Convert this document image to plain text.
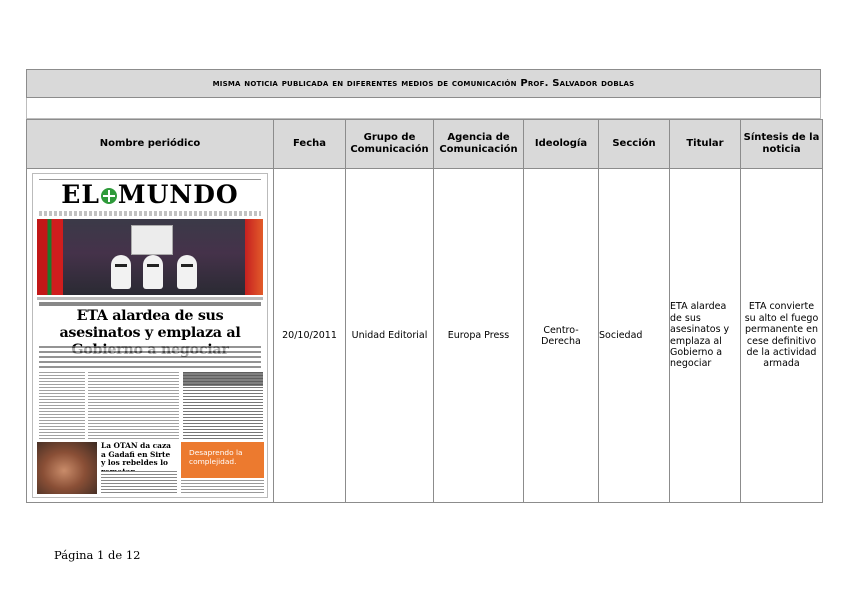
misma noticia publicada en diferentes medios de comunicación Prof. Salvador doblas
Nombre periódico	Fecha	Grupo de Comunicación	Agencia de Comunicación	Ideología	Sección	Titular	Síntesis de la noticia

EL MUNDO
ETA alardea de sus asesinatos y emplaza al
La OTAN da caza a Gadafi en Sirte y los rebeldes lo
Desaprendo la complejidad.	20/10/2011	Unidad Editorial	Europa Press	Centro-Derecha	Sociedad	ETA alardea de sus asesinatos y emplaza al Gobierno a negociar	ETA convierte su alto el fuego permanente en cese definitivo de la actividad armada
Página 1 de 12
